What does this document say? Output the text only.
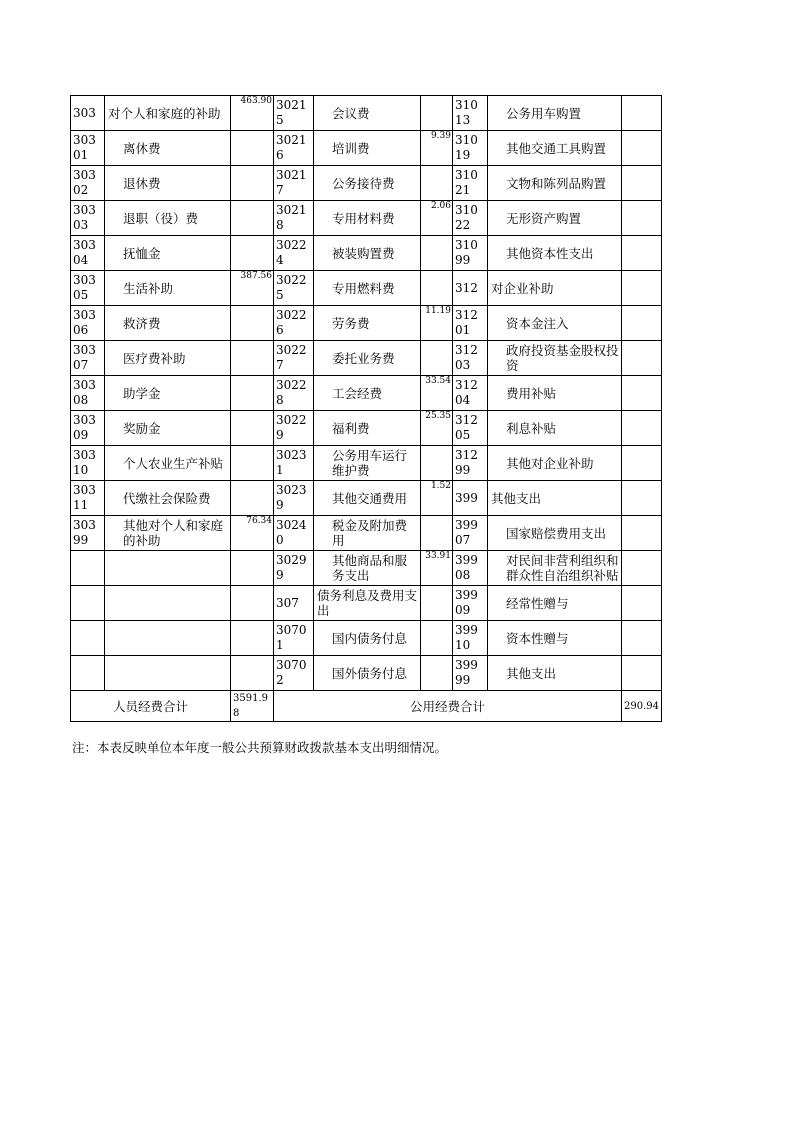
303	对个人和家庭的补助	463.90	30215	会议费		31013	公务用车购置	
30301	离休费		30216	培训费	9.39	31019	其他交通工具购置	
30302	退休费		30217	公务接待费		31021	文物和陈列品购置	
30303	退职（役）费		30218	专用材料费	2.06	31022	无形资产购置	
30304	抚恤金		30224	被装购置费		31099	其他资本性支出	
30305	生活补助	387.56	30225	专用燃料费		312	对企业补助	
30306	救济费		30226	劳务费	11.19	31201	资本金注入	
30307	医疗费补助		30227	委托业务费		31203	政府投资基金股权投资	
30308	助学金		30228	工会经费	33.54	31204	费用补贴	
30309	奖励金		30229	福利费	25.35	31205	利息补贴	
30310	个人农业生产补贴		30231	公务用车运行维护费		31299	其他对企业补助	
30311	代缴社会保险费		30239	其他交通费用	1.52	399	其他支出	
30399	其他对个人和家庭的补助	76.34	30240	税金及附加费用		39907	国家赔偿费用支出	
			30299	其他商品和服务支出	33.91	39908	对民间非营利组织和群众性自治组织补贴	
			307	债务利息及费用支出		39909	经常性赠与	
			30701	国内债务付息		39910	资本性赠与	
			30702	国外债务付息		39999	其他支出	
人员经费合计		3591.98	公用经费合计					290.94
注：本表反映单位本年度一般公共预算财政拨款基本支出明细情况。
